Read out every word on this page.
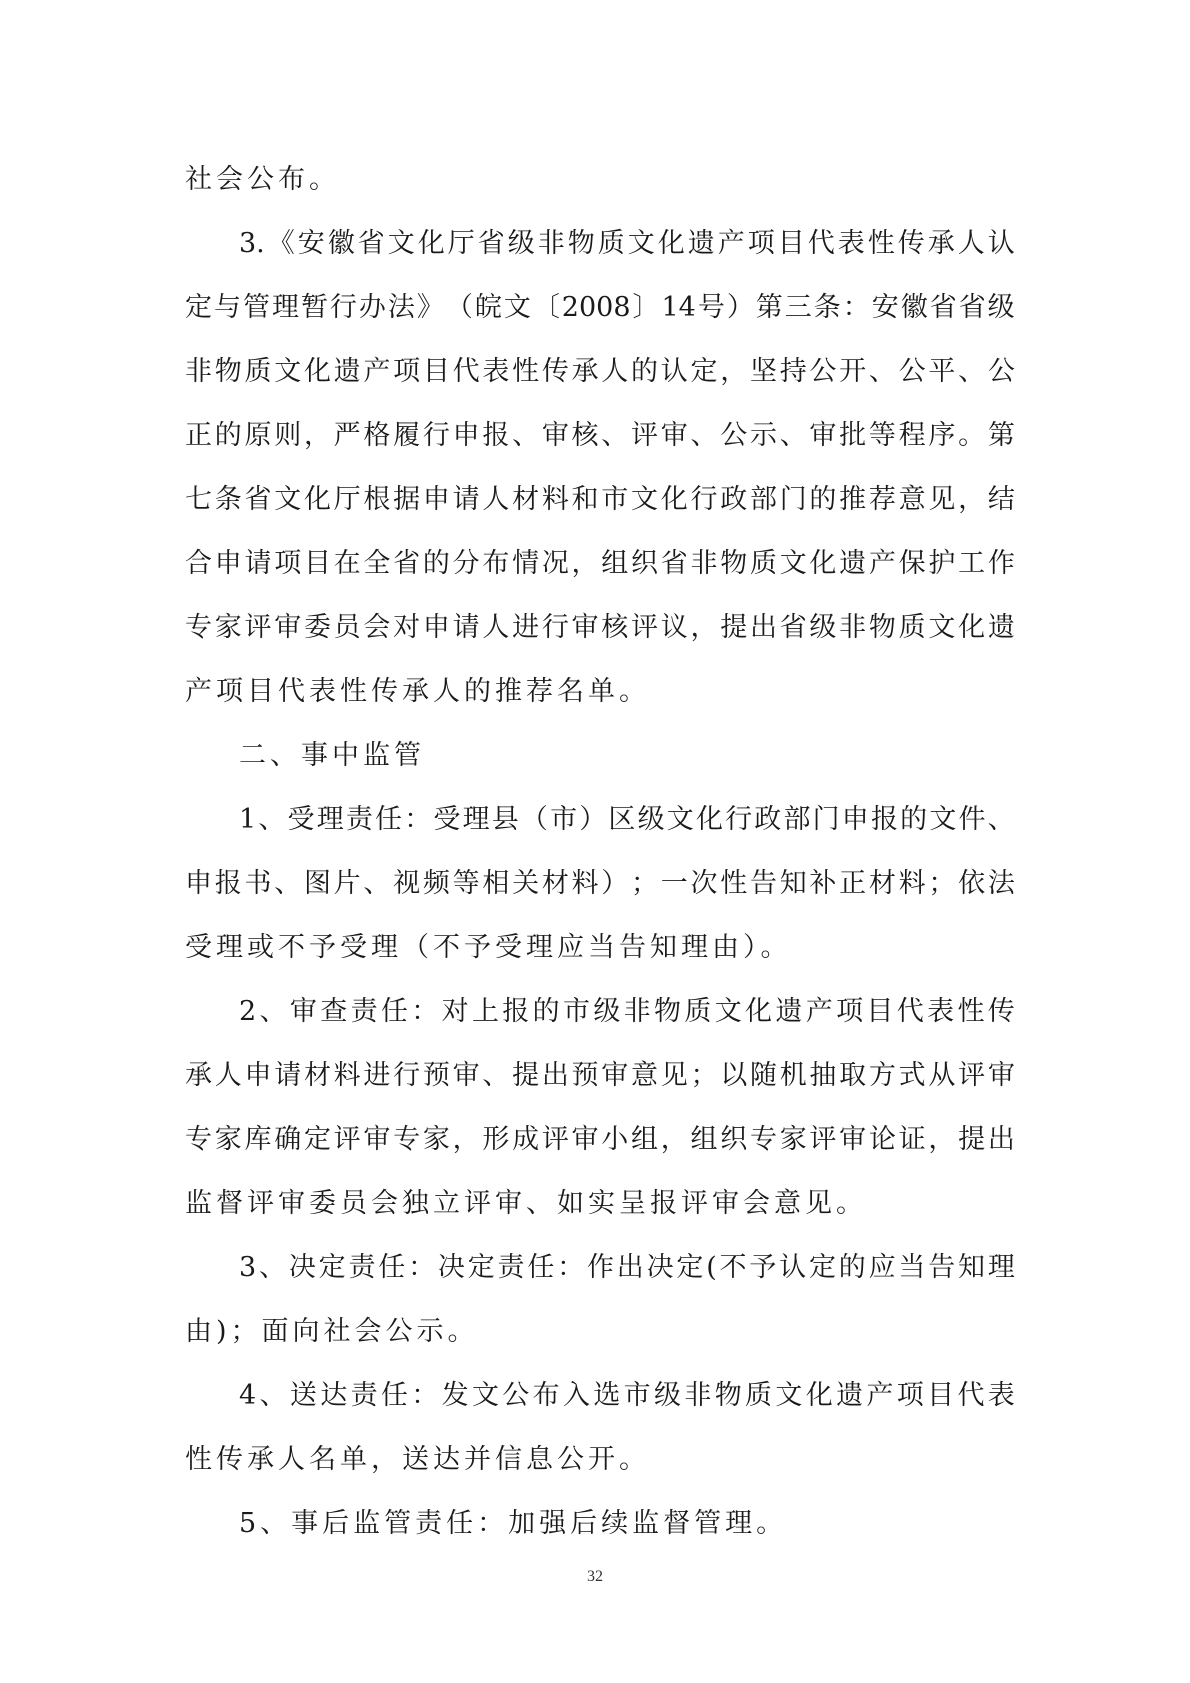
社会公布。
3. 《 安 徽 省 文 化 厅 省 级 非 物 质 文 化 遗 产 项 目 代 表 性 传 承 人 认
定 与 管 理 暂 行 办 法 》 （ 皖 文 〔 2008 〕 14 号 ） 第 三 条 ： 安 徽 省 省 级
非 物 质 文 化 遗 产 项 目 代 表 性 传 承 人 的 认 定 ， 坚 持 公 开 、 公 平 、 公
正 的 原 则 ， 严 格 履 行 申 报 、 审 核 、 评 审 、 公 示 、 审 批 等 程 序 。 第
七 条 省 文 化 厅 根 据 申 请 人 材 料 和 市 文 化 行 政 部 门 的 推 荐 意 见 ， 结
合 申 请 项 目 在 全 省 的 分 布 情 况 ， 组 织 省 非 物 质 文 化 遗 产 保 护 工 作
专 家 评 审 委 员 会 对 申 请 人 进 行 审 核 评 议 ， 提 出 省 级 非 物 质 文 化 遗
产项目代表性传承人的推荐名单。
二、事中监管
1 、 受 理 责 任 ： 受 理 县 （ 市 ） 区 级 文 化 行 政 部 门 申 报 的 文 件 、
申 报 书 、 图 片 、 视 频 等 相 关 材 料 ） ； 一 次 性 告 知 补 正 材 料 ； 依 法
受理或不予受理（不予受理应当告知理由）。
2 、 审 查 责 任 ： 对 上 报 的 市 级 非 物 质 文 化 遗 产 项 目 代 表 性 传
承 人 申 请 材 料 进 行 预 审 、 提 出 预 审 意 见 ； 以 随 机 抽 取 方 式 从 评 审
专 家 库 确 定 评 审 专 家 ， 形 成 评 审 小 组 ， 组 织 专 家 评 审 论 证 ， 提 出
监督评审委员会独立评审、如实呈报评审会意见。
3 、 决 定 责 任 ： 决 定 责 任 ： 作 出 决 定 ( 不 予 认 定 的 应 当 告 知 理
由)；面向社会公示。
4 、 送 达 责 任 ： 发 文 公 布 入 选 市 级 非 物 质 文 化 遗 产 项 目 代 表
性传承人名单，送达并信息公开。
5、事后监管责任：加强后续监督管理。
32
